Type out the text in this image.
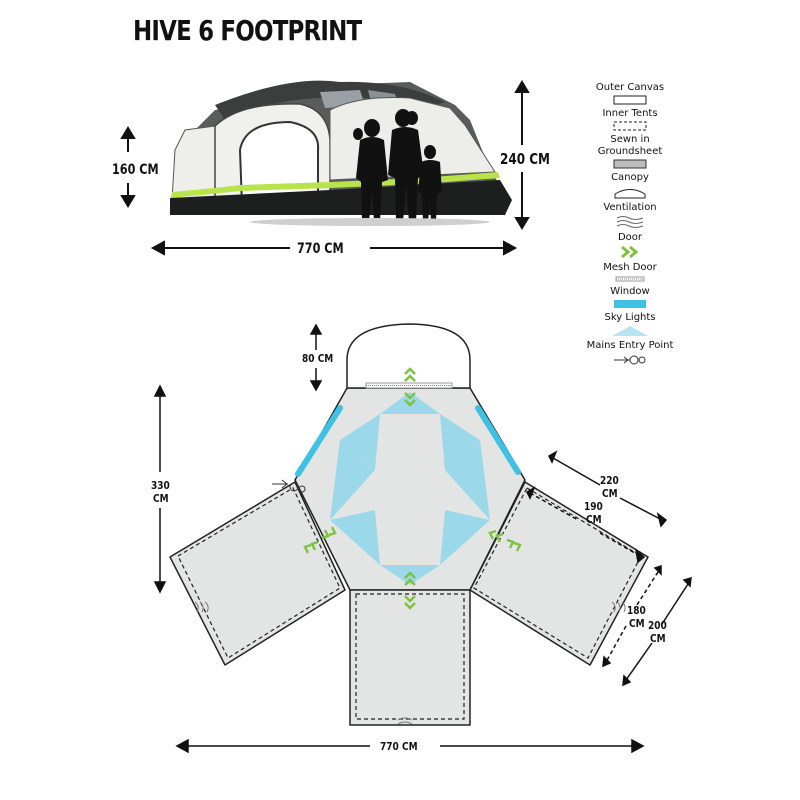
HIVE 6 FOOTPRINT
160 CM
240 CM
770 CM
Outer Canvas
Inner Tents
Sewn in Groundsheet
Canopy
Ventilation
Door
Mesh Door
Window
Sky Lights
Mains Entry Point
80 CM
330
CM
220
CM
190
CM
180
CM 200
CM
770 CM
